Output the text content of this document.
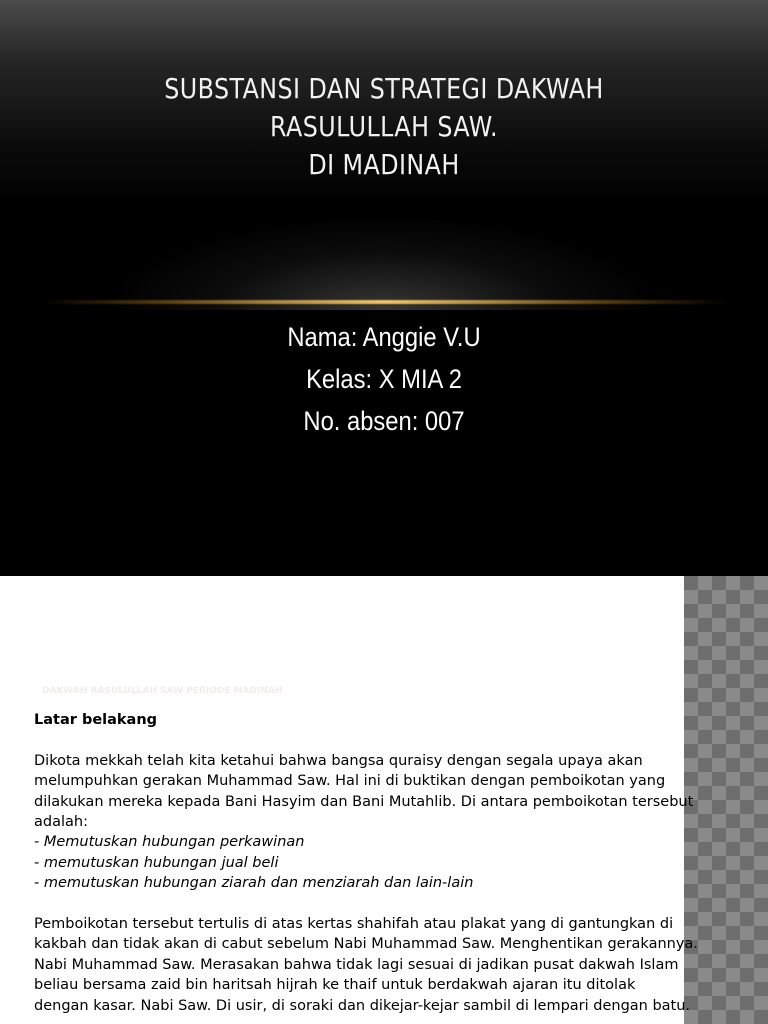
SUBSTANSI DAN STRATEGI DAKWAH
RASULULLAH SAW.
DI MADINAH
Nama: Anggie V.U
Kelas: X MIA 2
No. absen: 007
DAKWAH RASULULLAH SAW PERIODE MADINAH
Latar belakang
Dikota mekkah telah kita ketahui bahwa bangsa quraisy dengan segala upaya akan
melumpuhkan gerakan Muhammad Saw. Hal ini di buktikan dengan pemboikotan yang
dilakukan mereka kepada Bani Hasyim dan Bani Mutahlib. Di antara pemboikotan tersebut
adalah:
- Memutuskan hubungan perkawinan
- memutuskan hubungan jual beli
- memutuskan hubungan ziarah dan menziarah dan lain-lain
Pemboikotan tersebut tertulis di atas kertas shahifah atau plakat yang di gantungkan di
kakbah dan tidak akan di cabut sebelum Nabi Muhammad Saw. Menghentikan gerakannya.
Nabi Muhammad Saw. Merasakan bahwa tidak lagi sesuai di jadikan pusat dakwah Islam
beliau bersama zaid bin haritsah hijrah ke thaif untuk berdakwah ajaran itu ditolak
dengan kasar. Nabi Saw. Di usir, di soraki dan dikejar-kejar sambil di lempari dengan batu.
